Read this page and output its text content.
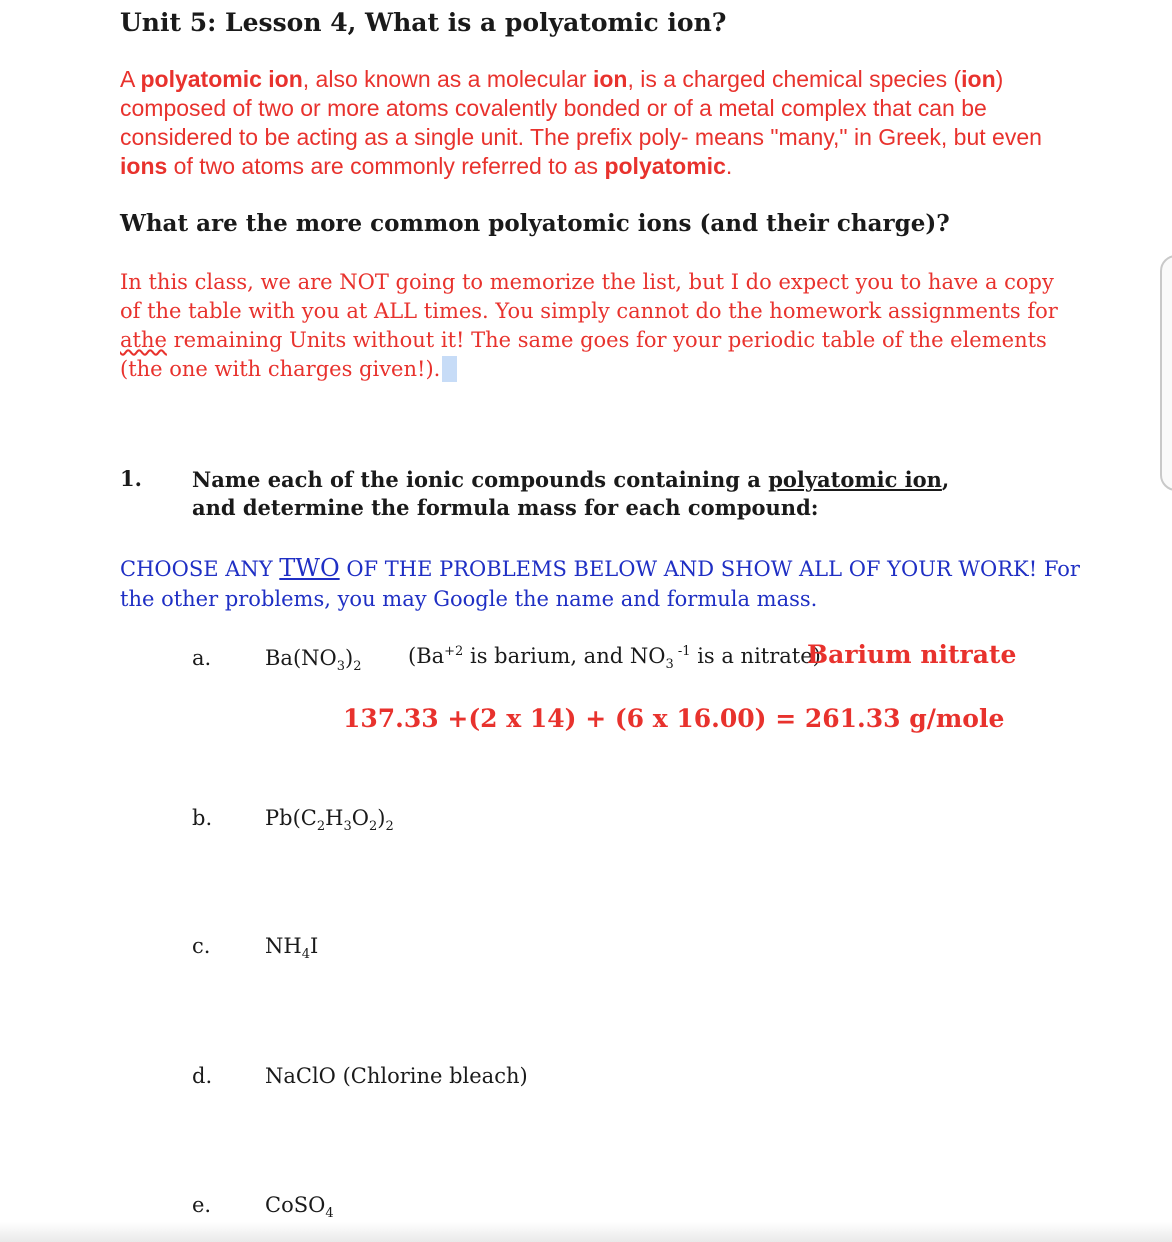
Unit 5: Lesson 4, What is a polyatomic ion?
A polyatomic ion, also known as a molecular ion, is a charged chemical species (ion) composed of two or more atoms covalently bonded or of a metal complex that can be considered to be acting as a single unit. The prefix poly- means "many," in Greek, but even ions of two atoms are commonly referred to as polyatomic.
What are the more common polyatomic ions (and their charge)?
In this class, we are NOT going to memorize the list, but I do expect you to have a copy of the table with you at ALL times. You simply cannot do the homework assignments for athe remaining Units without it! The same goes for your periodic table of the elements (the one with charges given!).
1. Name each of the ionic compounds containing a polyatomic ion,
and determine the formula mass for each compound:
CHOOSE ANY TWO OF THE PROBLEMS BELOW AND SHOW ALL OF YOUR WORK! For the other problems, you may Google the name and formula mass.
a.	$Ba(NO_3)_2$ ($Ba^{+2}$ is barium, and $NO_3$ $^{-1}$ is a nitrate)
Barium nitrate
137.33 +(2 x 14) + (6 x 16.00) = 261.33 g/mole
b.	$Pb(C_2H_3O_2)_2$
c.	$NH_4I$
d.	NaClO (Chlorine bleach)
e.	CoSO$_4$
